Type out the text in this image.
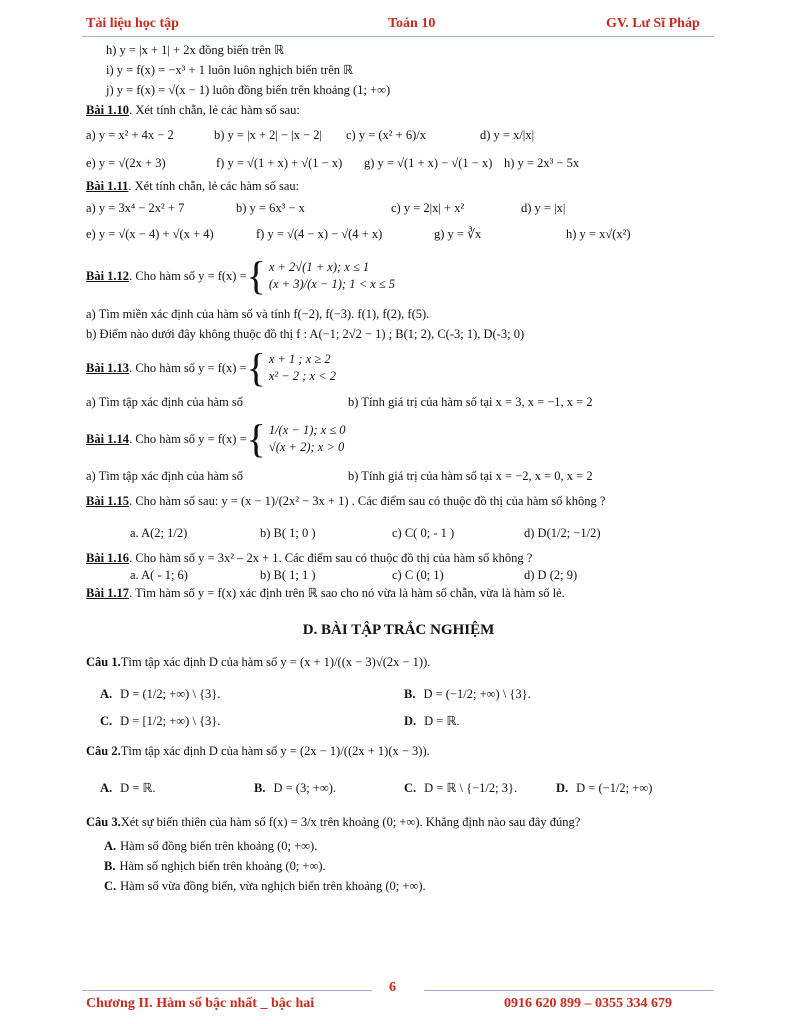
Tài liệu học tập	Toán 10	GV. Lư Sĩ Pháp
h) y = |x + 1| + 2x đồng biến trên ℝ
i) y = f(x) = −x³ + 1 luôn luôn nghịch biến trên ℝ
j) y = f(x) = √(x − 1) luôn đồng biến trên khoảng (1; +∞)
Bài 1.10 . Xét tính chẵn, lẻ các hàm số sau:
a) y = x² + 4x − 2	b) y = |x + 2| − |x − 2|	c) y = (x² + 6)/x	d) y = x/|x|
e) y = √(2x + 3)	f) y = √(1 + x) + √(1 − x)	g) y = √(1 + x) − √(1 − x) h) y = 2x³ − 5x
Bài 1.11 . Xét tính chẵn, lẻ các hàm số sau:
a) y = 3x⁴ − 2x² + 7	b) y = 6x³ − x	c) y = 2|x| + x²	d) y = |x|
e) y = √(x − 4) + √(x + 4)	f) y = √(4 − x) − √(4 + x)	g) y = ∛x	h) y = x√(x²)
Bài 1.12 . Cho hàm số y = f(x) = { x + 2√(1 + x); x ≤ 1
(x + 3)/(x − 1); 1 < x ≤ 5
a) Tìm miền xác định của hàm số và tính f(−2), f(−3). f(1), f(2), f(5).
b) Điểm nào dưới đây không thuộc đồ thị f : A(−1; 2√2 − 1) ; B(1; 2), C(-3; 1), D(-3; 0)
Bài 1.13 . Cho hàm số y = f(x) = { x + 1 ; x ≥ 2
x² − 2 ; x < 2
a) Tìm tập xác định của hàm số	b) Tính giá trị của hàm số tại x = 3, x = −1, x = 2
Bài 1.14 . Cho hàm số y = f(x) = { 1/(x − 1); x ≤ 0
√(x + 2); x > 0
a) Tìm tập xác định của hàm số	b) Tính giá trị của hàm số tại x = −2, x = 0, x = 2
Bài 1.15 . Cho hàm số sau: y = (x − 1)/(2x² − 3x + 1) . Các điểm sau có thuộc đồ thị của hàm số không ?
a. A(2; 1/2)	b) B( 1; 0 )	c) C( 0; - 1 )	d) D(1/2; −1/2)
Bài 1.16 . Cho hàm số y = 3x² – 2x + 1. Các điểm sau có thuộc đồ thị của hàm số không ?
a. A( - 1; 6)	b) B( 1; 1 )	c) C (0; 1)	d) D (2; 9)
Bài 1.17 . Tìm hàm số y = f(x) xác định trên ℝ sao cho nó vừa là hàm số chẵn, vừa là hàm số lẻ.
D. BÀI TẬP TRẮC NGHIỆM
Câu 1. Tìm tập xác định D của hàm số y = (x + 1)/((x − 3)√(2x − 1)).
A. D = (1/2; +∞) \ {3}.	B. D = (−1/2; +∞) \ {3}.
C. D = [1/2; +∞) \ {3}.	D. D = ℝ.
Câu 2. Tìm tập xác định D của hàm số y = (2x − 1)/((2x + 1)(x − 3)).
A. D = ℝ.	B. D = (3; +∞).	C. D = ℝ \ {−1/2; 3}.	D. D = (−1/2; +∞)
Câu 3. Xét sự biến thiên của hàm số f(x) = 3/x trên khoảng (0; +∞). Khẳng định nào sau đây đúng?
A. Hàm số đồng biến trên khoảng (0; +∞).
B. Hàm số nghịch biến trên khoảng (0; +∞).
C. Hàm số vừa đồng biến, vừa nghịch biến trên khoảng (0; +∞).
6
Chương II. Hàm số bậc nhất _ bậc hai	0916 620 899 – 0355 334 679
